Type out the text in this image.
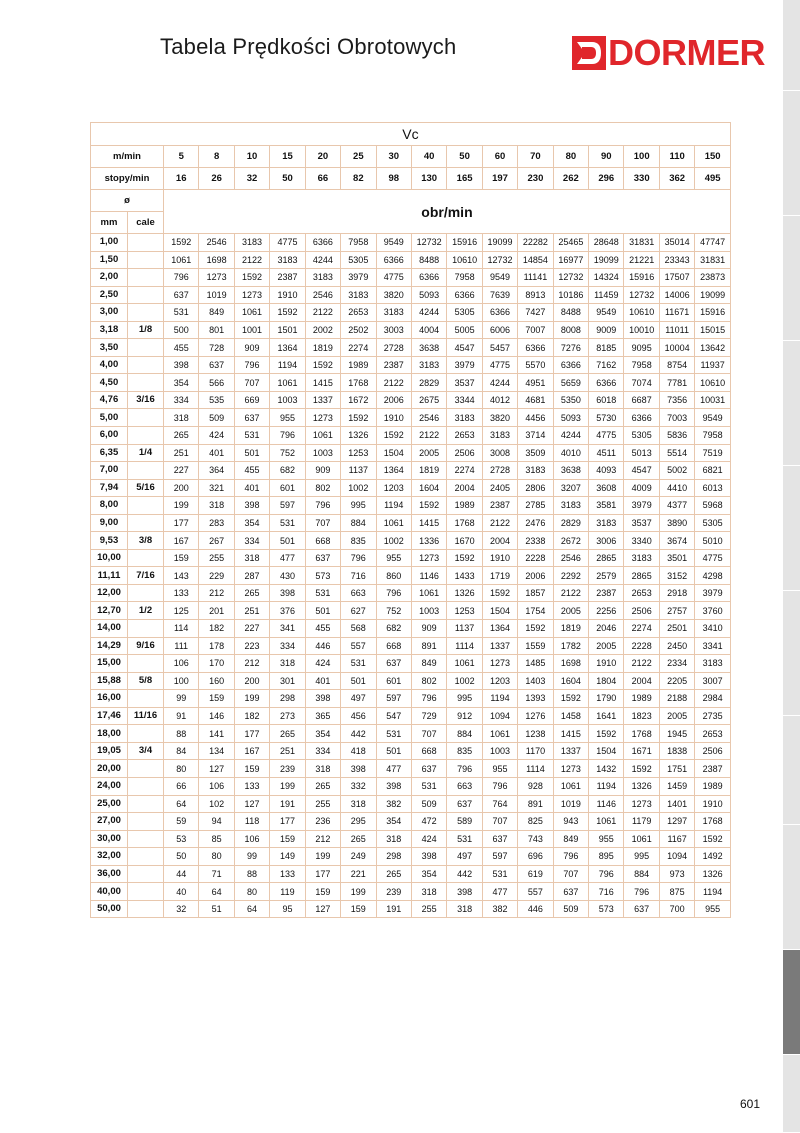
Tabela Prędkości Obrotowych	DORMER
Vc																	
m/min		5	8	10	15	20	25	30	40	50	60	70	80	90	100	110	150
stopy/min		16	26	32	50	66	82	98	130	165	197	230	262	296	330	362	495
ø		obr/min															
mm	cale																
1,00		1592	2546	3183	4775	6366	7958	9549	12732	15916	19099	22282	25465	28648	31831	35014	47747
1,50		1061	1698	2122	3183	4244	5305	6366	8488	10610	12732	14854	16977	19099	21221	23343	31831
2,00		796	1273	1592	2387	3183	3979	4775	6366	7958	9549	11141	12732	14324	15916	17507	23873
2,50		637	1019	1273	1910	2546	3183	3820	5093	6366	7639	8913	10186	11459	12732	14006	19099
3,00		531	849	1061	1592	2122	2653	3183	4244	5305	6366	7427	8488	9549	10610	11671	15916
3,18	1/8	500	801	1001	1501	2002	2502	3003	4004	5005	6006	7007	8008	9009	10010	11011	15015
3,50		455	728	909	1364	1819	2274	2728	3638	4547	5457	6366	7276	8185	9095	10004	13642
4,00		398	637	796	1194	1592	1989	2387	3183	3979	4775	5570	6366	7162	7958	8754	11937
4,50		354	566	707	1061	1415	1768	2122	2829	3537	4244	4951	5659	6366	7074	7781	10610
4,76	3/16	334	535	669	1003	1337	1672	2006	2675	3344	4012	4681	5350	6018	6687	7356	10031
5,00		318	509	637	955	1273	1592	1910	2546	3183	3820	4456	5093	5730	6366	7003	9549
6,00		265	424	531	796	1061	1326	1592	2122	2653	3183	3714	4244	4775	5305	5836	7958
6,35	1/4	251	401	501	752	1003	1253	1504	2005	2506	3008	3509	4010	4511	5013	5514	7519
7,00		227	364	455	682	909	1137	1364	1819	2274	2728	3183	3638	4093	4547	5002	6821
7,94	5/16	200	321	401	601	802	1002	1203	1604	2004	2405	2806	3207	3608	4009	4410	6013
8,00		199	318	398	597	796	995	1194	1592	1989	2387	2785	3183	3581	3979	4377	5968
9,00		177	283	354	531	707	884	1061	1415	1768	2122	2476	2829	3183	3537	3890	5305
9,53	3/8	167	267	334	501	668	835	1002	1336	1670	2004	2338	2672	3006	3340	3674	5010
10,00		159	255	318	477	637	796	955	1273	1592	1910	2228	2546	2865	3183	3501	4775
11,11	7/16	143	229	287	430	573	716	860	1146	1433	1719	2006	2292	2579	2865	3152	4298
12,00		133	212	265	398	531	663	796	1061	1326	1592	1857	2122	2387	2653	2918	3979
12,70	1/2	125	201	251	376	501	627	752	1003	1253	1504	1754	2005	2256	2506	2757	3760
14,00		114	182	227	341	455	568	682	909	1137	1364	1592	1819	2046	2274	2501	3410
14,29	9/16	111	178	223	334	446	557	668	891	1114	1337	1559	1782	2005	2228	2450	3341
15,00		106	170	212	318	424	531	637	849	1061	1273	1485	1698	1910	2122	2334	3183
15,88	5/8	100	160	200	301	401	501	601	802	1002	1203	1403	1604	1804	2004	2205	3007
16,00		99	159	199	298	398	497	597	796	995	1194	1393	1592	1790	1989	2188	2984
17,46	11/16	91	146	182	273	365	456	547	729	912	1094	1276	1458	1641	1823	2005	2735
18,00		88	141	177	265	354	442	531	707	884	1061	1238	1415	1592	1768	1945	2653
19,05	3/4	84	134	167	251	334	418	501	668	835	1003	1170	1337	1504	1671	1838	2506
20,00		80	127	159	239	318	398	477	637	796	955	1114	1273	1432	1592	1751	2387
24,00		66	106	133	199	265	332	398	531	663	796	928	1061	1194	1326	1459	1989
25,00		64	102	127	191	255	318	382	509	637	764	891	1019	1146	1273	1401	1910
27,00		59	94	118	177	236	295	354	472	589	707	825	943	1061	1179	1297	1768
30,00		53	85	106	159	212	265	318	424	531	637	743	849	955	1061	1167	1592
32,00		50	80	99	149	199	249	298	398	497	597	696	796	895	995	1094	1492
36,00		44	71	88	133	177	221	265	354	442	531	619	707	796	884	973	1326
40,00		40	64	80	119	159	199	239	318	398	477	557	637	716	796	875	1194
50,00		32	51	64	95	127	159	191	255	318	382	446	509	573	637	700	955
601
